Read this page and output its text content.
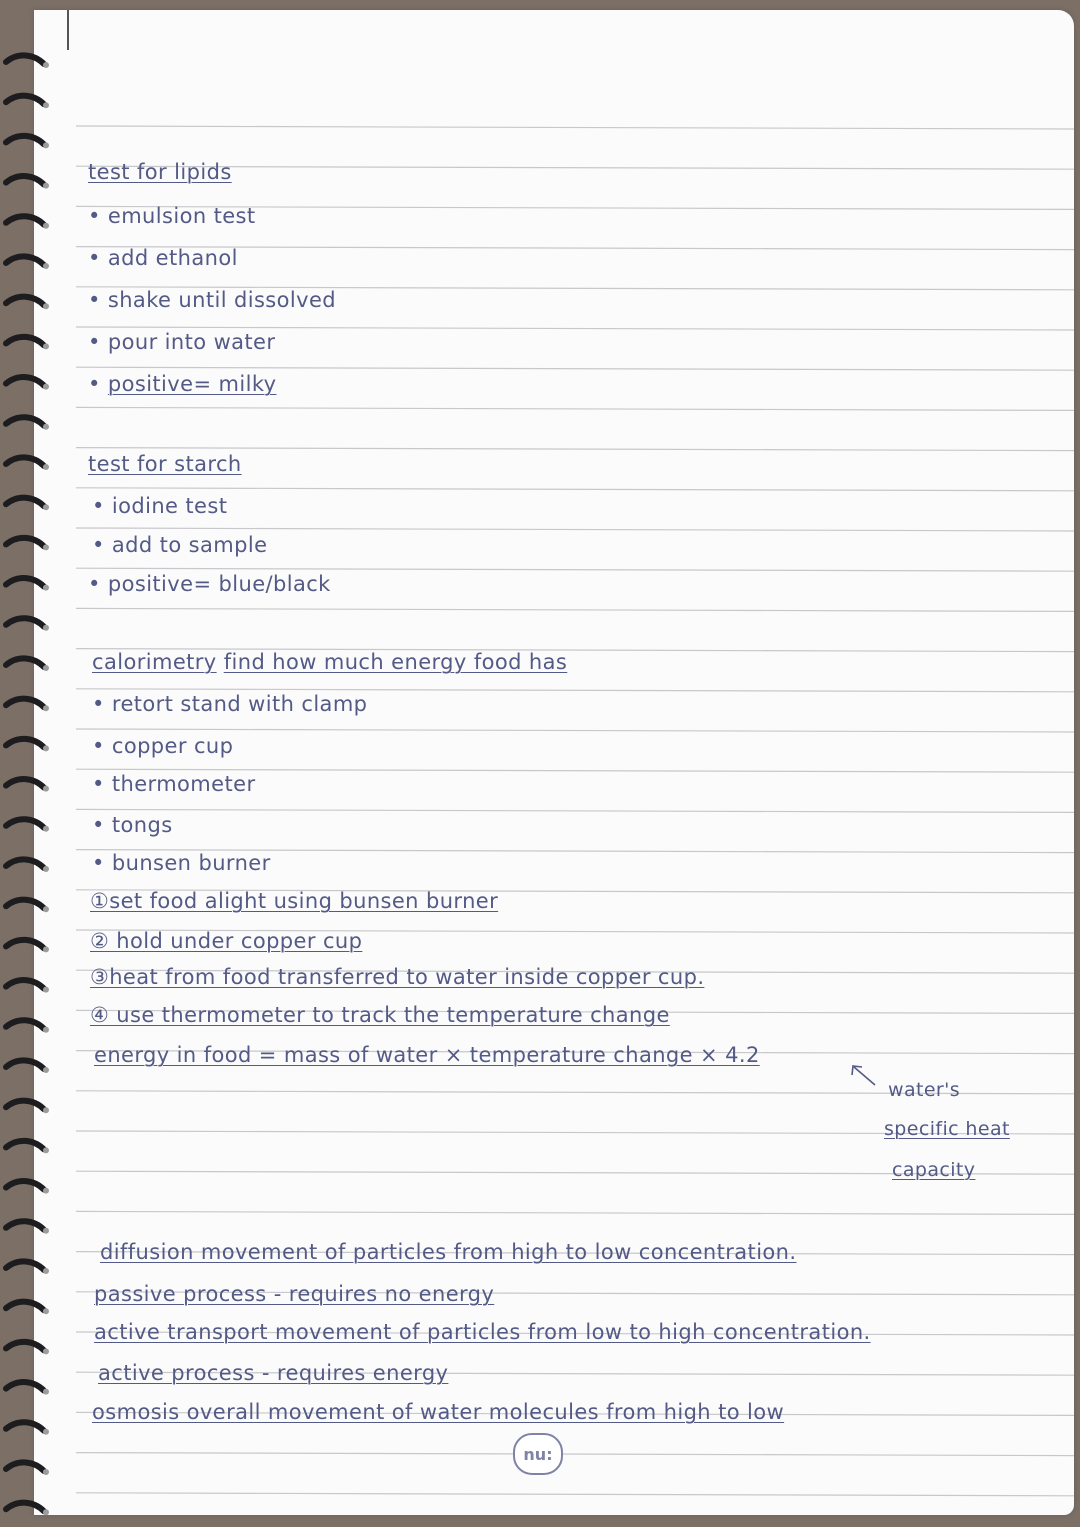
test for lipids

• emulsion test

• add ethanol

• shake until dissolved

• pour into water

• positive= milky

test for starch

• iodine test

• add to sample

• positive= blue/black

calorimetry find how much energy food has

• retort stand with clamp

• copper cup

• thermometer

• tongs

• bunsen burner

①set food alight using bunsen burner

② hold under copper cup

③heat from food transferred to water inside copper cup.

④ use thermometer to track the temperature change

energy in food = mass of water × temperature change × 4.2

water's

specific heat

capacity

diffusion movement of particles from high to low concentration.

passive process - requires no energy

active transport movement of particles from low to high concentration.

active process - requires energy

osmosis overall movement of water molecules from high to low

nu:
